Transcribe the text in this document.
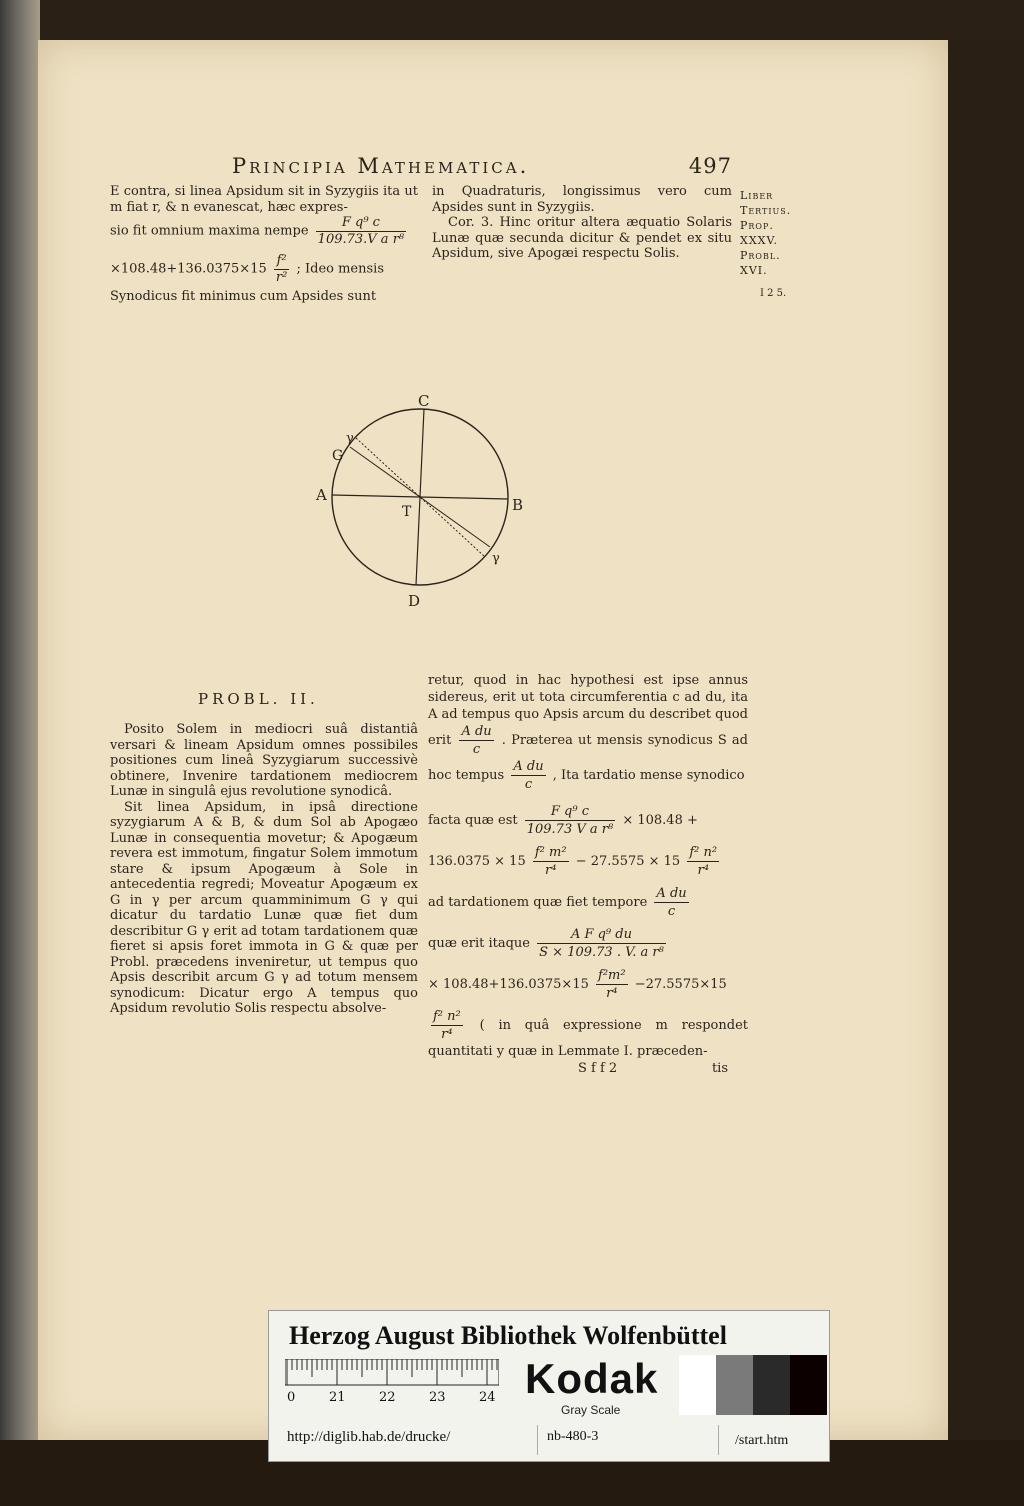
Principia Mathematica.	497

E contra, si linea Apsidum sit in Syzygiis ita ut m fiat r, & n evanescat, hæc expres-

sio fit omnium maxima nempe $\frac{\text{F q⁹ c}}{\text{109.73.V a r⁸}}$

$\times 108.48+136.0375\times 15 \frac{\text{f²}}{\text{r²}}$ ; Ideo mensis

Synodicus fit minimus cum Apsides sunt

in Quadraturis, longissimus vero cum Apsides sunt in Syzygiis.

Cor. 3. Hinc oritur altera æquatio Solaris Lunæ quæ secunda dicitur & pendet ex situ Apsidum, sive Apogæi respectu Solis.

Liber
Tertius.
Prop.
XXXV.
Probl.
XVI.
I 2 5.
C
D
A
B
T
G
γ
γ
PROBL. II.

Posito Solem in mediocri suâ distantiâ versari & lineam Apsidum omnes possibiles positiones cum lineâ Syzygiarum successivè obtinere, Invenire tardationem mediocrem Lunæ in singulâ ejus revolutione synodicâ.

Sit linea Apsidum, in ipsâ directione syzygiarum A & B, & dum Sol ab Apogæo Lunæ in consequentia movetur; & Apogæum revera est immotum, fingatur Solem immotum stare & ipsum Apogæum à Sole in antecedentia regredi; Moveatur Apogæum ex G in γ per arcum quamminimum G γ qui dicatur du tardatio Lunæ quæ fiet dum describitur G γ erit ad totam tardationem quæ fieret si apsis foret immota in G & quæ per Probl. præcedens inveniretur, ut tempus quo Apsis describit arcum G γ ad totum mensem synodicum: Dicatur ergo A tempus quo Apsidum revolutio Solis respectu absolve-

retur, quod in hac hypothesi est ipse annus sidereus, erit ut tota circumferentia c ad du, ita A ad tempus quo Apsis arcum du describet quod erit $\frac{\text{A du}}{c}$ . Præterea ut mensis synodicus S ad hoc tempus $\frac{\text{A du}}{c}$ , Ita tardatio mense synodico

facta quæ est $\frac{\text{F q⁹ c}}{\text{109.73 V a r⁸}} \times 108.48$ +

$136.0375 \times 15 \frac{\text{f² m²}}{\text{r⁴}} - 27.5575 \times 15 \frac{\text{f² n²}}{\text{r⁴}}$

ad tardationem quæ fiet tempore $\frac{\text{A du}}{c}$

quæ erit itaque $\frac{\text{A F q⁹ du}}{\text{S × 109.73 . V. a r⁸}}$

× $108.48+136.0375\times 15 \frac{\text{f²m²}}{\text{r⁴}} -27.5575\times 15$

$\frac{\text{f² n²}}{\text{r⁴}}$ ( in quâ expressione m respondet quantitati y quæ in Lemmate I. præceden-

S f f 2	tis

Herzog August Bibliothek Wolfenbüttel
0	21	22	23	24 Kodak
Gray Scale
http://diglib.hab.de/drucke/	nb-480-3	/start.htm
